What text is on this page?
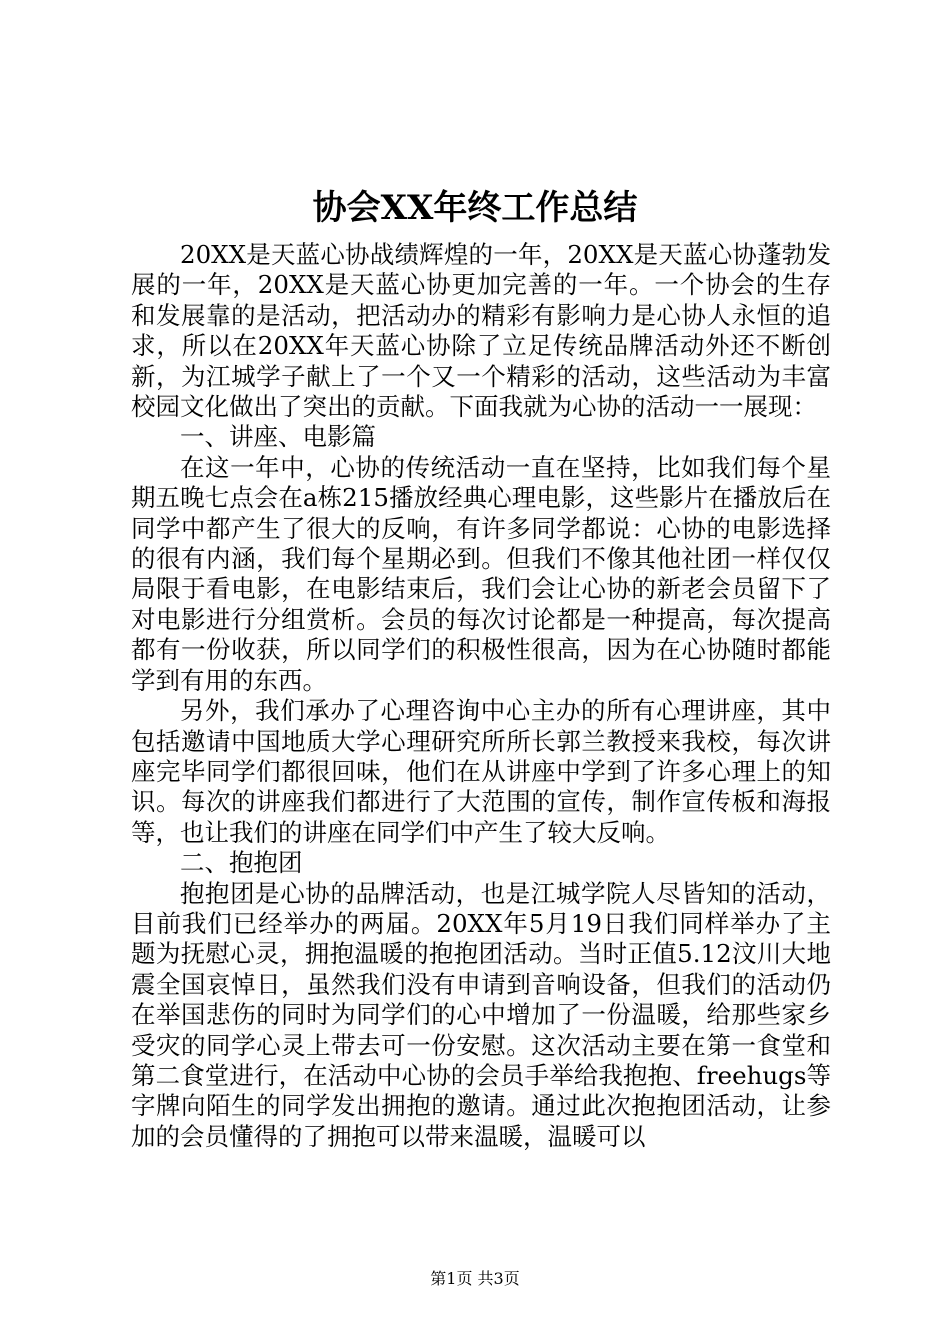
协会XX年终工作总结

20XX是天蓝心协战绩辉煌的一年，20XX是天蓝心协蓬勃发展的一年，20XX是天蓝心协更加完善的一年。一个协会的生存和发展靠的是活动，把活动办的精彩有影响力是心协人永恒的追求，所以在20XX年天蓝心协除了立足传统品牌活动外还不断创新，为江城学子献上了一个又一个精彩的活动，这些活动为丰富校园文化做出了突出的贡献。下面我就为心协的活动一一展现：

一、讲座、电影篇

在这一年中，心协的传统活动一直在坚持，比如我们每个星期五晚七点会在a栋215播放经典心理电影，这些影片在播放后在同学中都产生了很大的反响，有许多同学都说：心协的电影选择的很有内涵，我们每个星期必到。但我们不像其他社团一样仅仅局限于看电影，在电影结束后，我们会让心协的新老会员留下了对电影进行分组赏析。会员的每次讨论都是一种提高，每次提高都有一份收获，所以同学们的积极性很高，因为在心协随时都能学到有用的东西。

另外，我们承办了心理咨询中心主办的所有心理讲座，其中包括邀请中国地质大学心理研究所所长郭兰教授来我校，每次讲座完毕同学们都很回味，他们在从讲座中学到了许多心理上的知识。每次的讲座我们都进行了大范围的宣传，制作宣传板和海报等，也让我们的讲座在同学们中产生了较大反响。

二、抱抱团

抱抱团是心协的品牌活动，也是江城学院人尽皆知的活动，目前我们已经举办的两届。20XX年5月19日我们同样举办了主题为抚慰心灵，拥抱温暖的抱抱团活动。当时正值5.12汶川大地震全国哀悼日，虽然我们没有申请到音响设备，但我们的活动仍在举国悲伤的同时为同学们的心中增加了一份温暖，给那些家乡受灾的同学心灵上带去可一份安慰。这次活动主要在第一食堂和第二食堂进行，在活动中心协的会员手举给我抱抱、freehugs等字牌向陌生的同学发出拥抱的邀请。通过此次抱抱团活动，让参加的会员懂得的了拥抱可以带来温暖，温暖可以

第1页 共3页
